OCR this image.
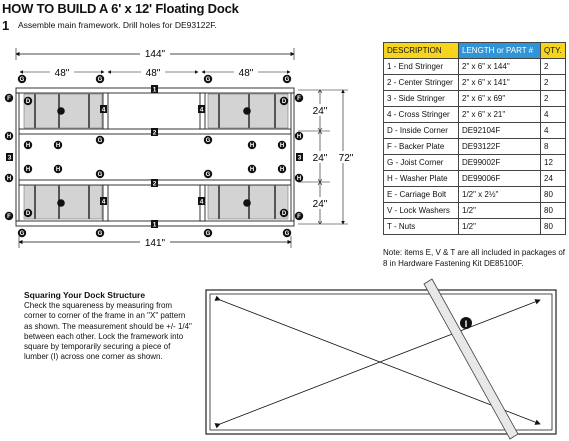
HOW TO BUILD A 6' x 12' Floating Dock
1 Assemble main framework. Drill holes for DE93122F.
144"
48"	48"	48"
1
1
2
2
3	3
4	4
4	4
G	G	G	G
G	G
G	G
G	G	G	G
F	F
F	F
H	H
H	H
H	H	H	H
H	H	H	H
D	D
D	D
24"
24"
24"
72"
141"
DESCRIPTION	LENGTH or PART #	QTY.
1 - End Stringer	2" x 6" x 144"	2
2 - Center Stringer	2" x 6" x 141"	2
3 - Side Stringer	2" x 6" x 69"	2
4 - Cross Stringer	2" x 6" x 21"	4
D - Inside Corner	DE92104F	4
F - Backer Plate	DE93122F	8
G - Joist Corner	DE99002F	12
H - Washer Plate	DE99006F	24
E - Carriage Bolt	1/2" x 2½"	80
V - Lock Washers	1/2"	80
T - Nuts	1/2"	80
Note: items E, V & T are all included in packages of 8 in Hardware Fastening Kit DE85100F.
Squaring Your Dock Structure
Check the squareness by measuring from corner to corner of the frame in an "X" pattern as shown. The measurement should be +/- 1/4" between each other. Lock the framework into square by temporarily securing a piece of lumber (I) across one corner as shown.
I
